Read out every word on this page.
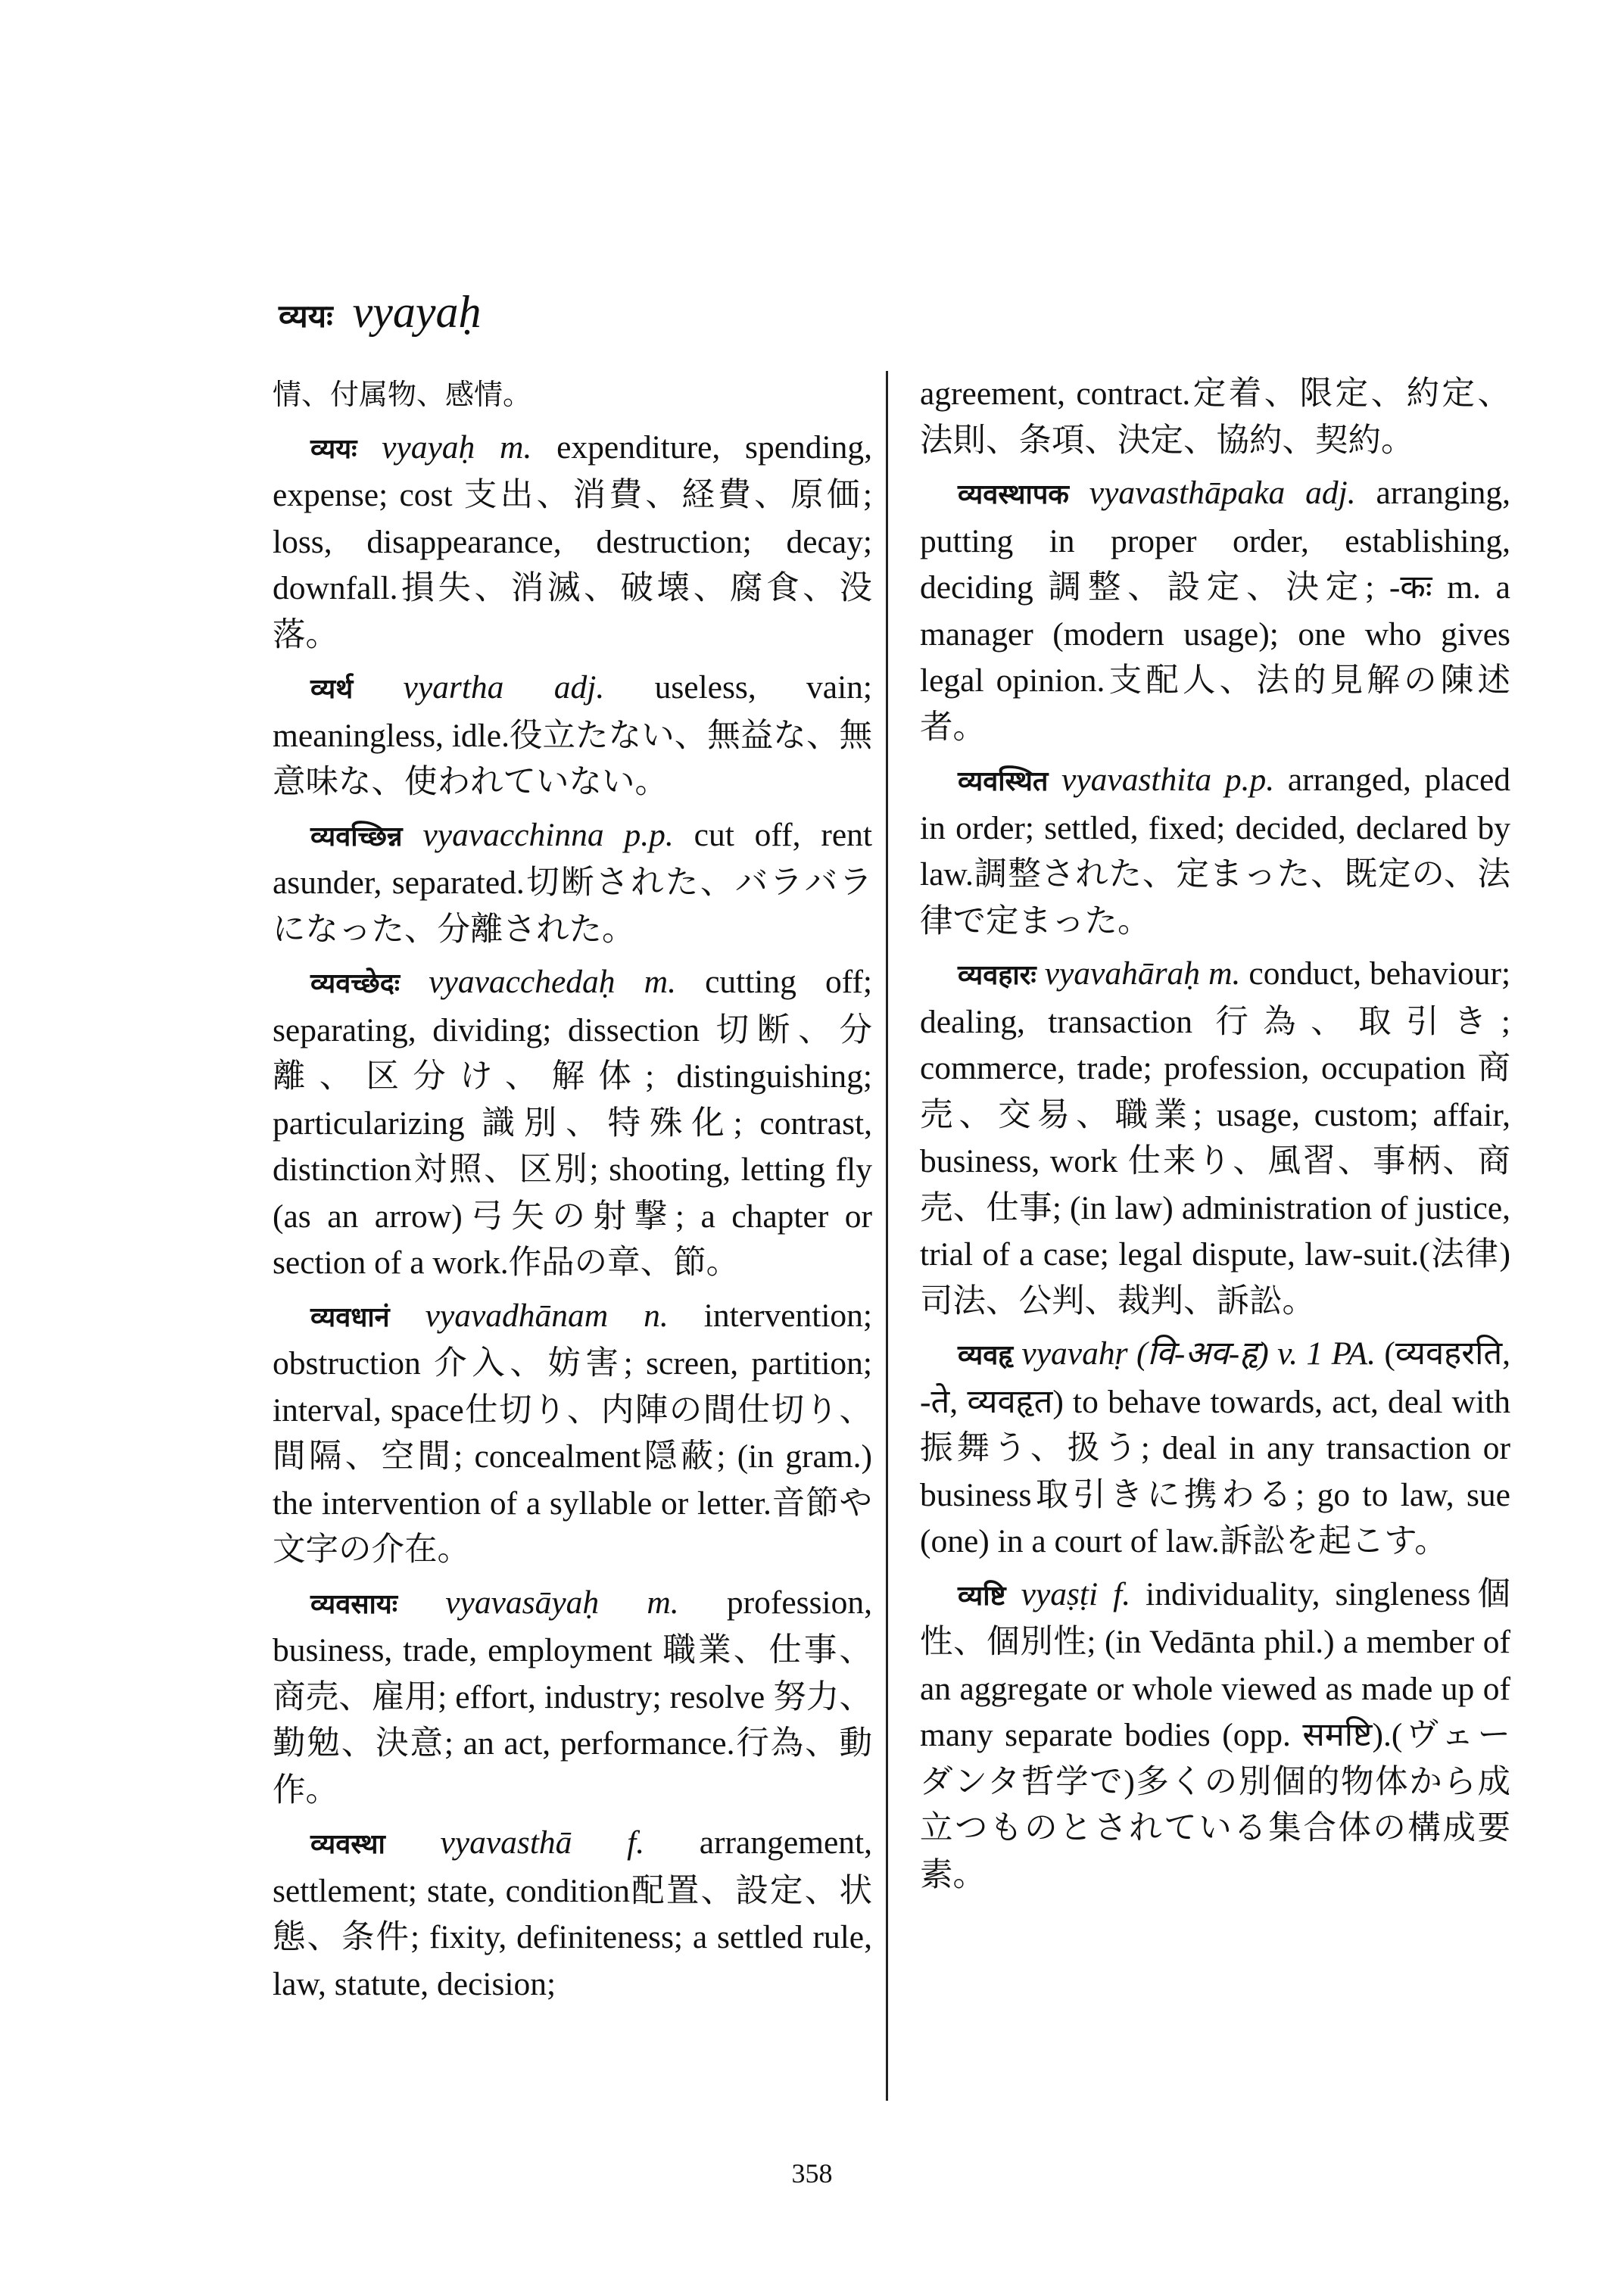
व्ययः vyayaḥ

情、付属物、感情。

व्ययः vyayaḥ m. expenditure, spending, expense; cost 支出、消費、経費、原価; loss, disappearance, destruction; decay; downfall.損失、消滅、破壊、腐食、没落。

व्यर्थ vyartha adj. useless, vain; meaningless, idle.役立たない、無益な、無意味な、使われていない。

व्यवच्छिन्न vyavacchinna p.p. cut off, rent asunder, separated.切断された、バラバラになった、分離された。

व्यवच्छेदः vyavacchedaḥ m. cutting off; separating, dividing; dissection 切断、分離、区分け、解体; distinguishing; particularizing 識別、特殊化; contrast, distinction対照、区別; shooting, letting fly (as an arrow)弓矢の射撃; a chapter or section of a work.作品の章、節。

व्यवधानं vyavadhānam n. intervention; obstruction 介入、妨害; screen, partition; interval, space仕切り、内陣の間仕切り、間隔、空間; concealment隠蔽; (in gram.) the intervention of a syllable or letter.音節や文字の介在。

व्यवसायः vyavasāyaḥ m. profession, business, trade, employment 職業、仕事、商売、雇用; effort, industry; resolve 努力、勤勉、決意; an act, performance.行為、動作。

व्यवस्था vyavasthā f. arrangement, settlement; state, condition配置、設定、状態、条件; fixity, definiteness; a settled rule, law, statute, decision;

agreement, contract.定着、限定、約定、法則、条項、決定、協約、契約。

व्यवस्थापक vyavasthāpaka adj. arranging, putting in proper order, establishing, deciding 調整、設定、決定; -कः m. a manager (modern usage); one who gives legal opinion.支配人、法的見解の陳述者。

व्यवस्थित vyavasthita p.p. arranged, placed in order; settled, fixed; decided, declared by law.調整された、定まった、既定の、法律で定まった。

व्यवहारः vyavahāraḥ m. conduct, behaviour; dealing, transaction 行為、取引き; commerce, trade; profession, occupation 商売、交易、職業; usage, custom; affair, business, work 仕来り、風習、事柄、商売、仕事; (in law) administration of justice, trial of a case; legal dispute, law-suit.(法律)司法、公判、裁判、訴訟。

व्यवहृ vyavahṛ (वि-अव-हृ) v. 1 PA. (व्यवहरति, -ते, व्यवहृत) to behave towards, act, deal with振舞う、扱う; deal in any transaction or business取引きに携わる; go to law, sue (one) in a court of law.訴訟を起こす。

व्यष्टि vyaṣṭi f. individuality, singleness個性、個別性; (in Vedānta phil.) a member of an aggregate or whole viewed as made up of many separate bodies (opp. समष्टि).(ヴェーダンタ哲学で)多くの別個的物体から成立つものとされている集合体の構成要素。

358
